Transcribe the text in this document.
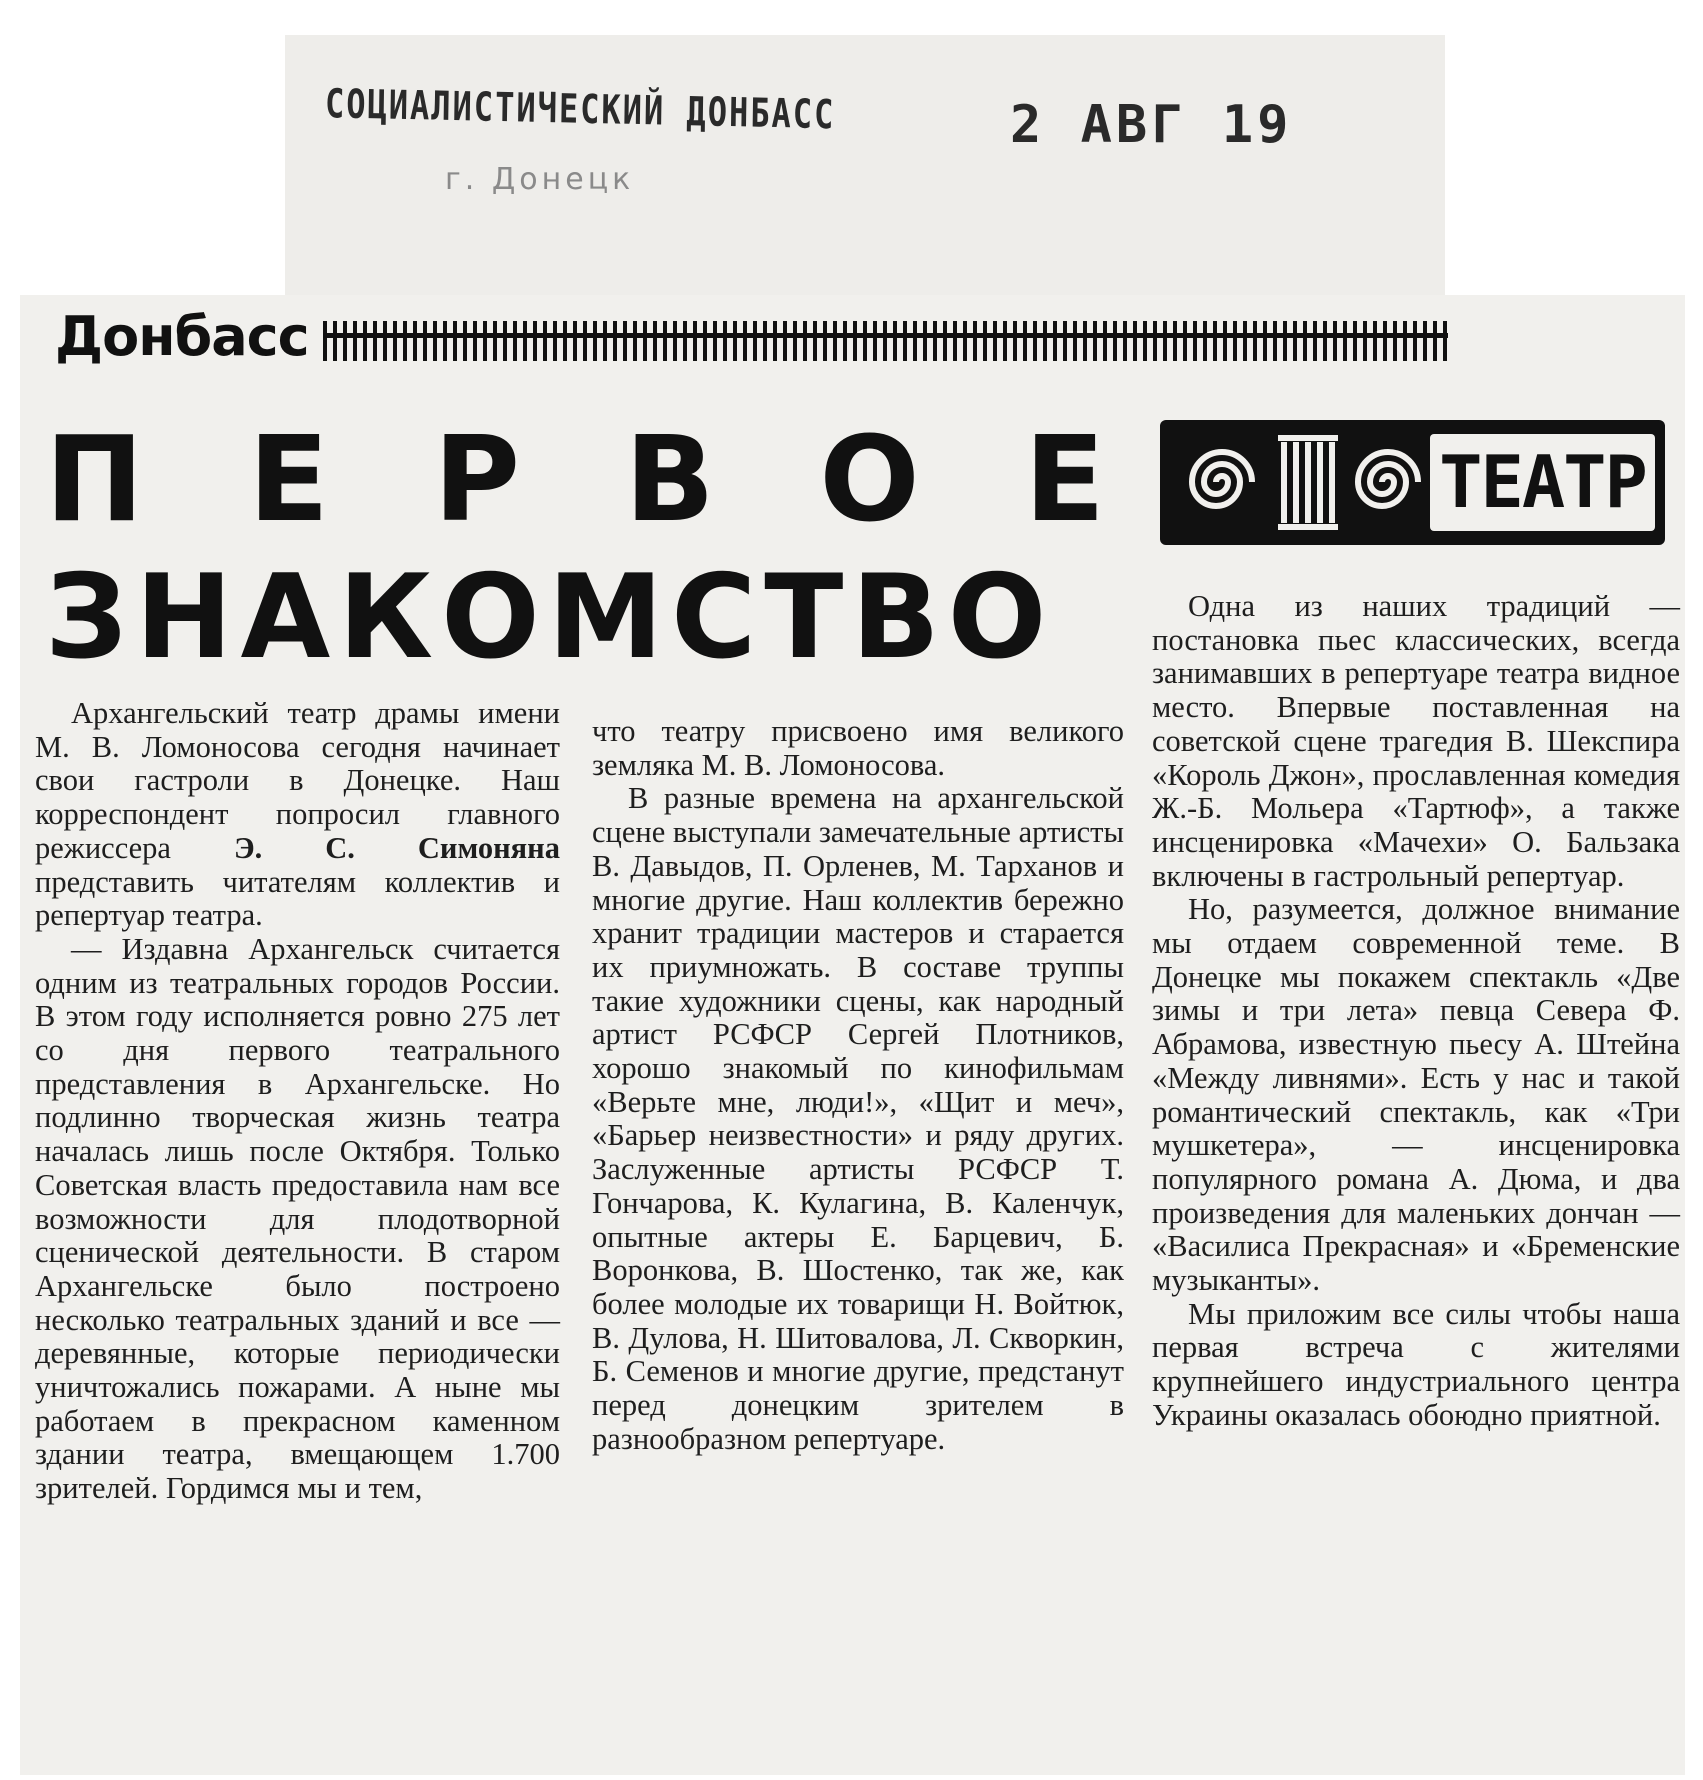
СОЦИАЛИСТИЧЕСКИЙ ДОНБАСС
г. Донецк
2 АВГ 19
Донбасс
П Е Р В О Е
ЗНАКОМСТВО
ТЕАТР

Архангельский театр драмы имени М. В. Ломоносова сегодня начинает свои гастроли в Донецке. Наш корреспондент попросил главного режиссера Э. С. Симоняна представить читателям коллектив и репертуар театра.

— Издавна Архангельск считается одним из театральных городов России. В этом году исполняется ровно 275 лет со дня первого театрального представления в Архангельске. Но подлинно творческая жизнь театра началась лишь после Октября. Только Советская власть предоставила нам все возможности для плодотворной сценической деятельности. В старом Архангельске было построено несколько театральных зданий и все — деревянные, которые периодически уничтожались пожарами. А ныне мы работаем в прекрасном каменном здании театра, вмещающем 1.700 зрителей. Гордимся мы и тем,

что театру присвоено имя великого земляка М. В. Ломоносова.

В разные времена на архангельской сцене выступали замечательные артисты В. Давыдов, П. Орленев, М. Тарханов и многие другие. Наш коллектив бережно хранит традиции мастеров и старается их приумножать. В составе труппы такие художники сцены, как народный артист РСФСР Сергей Плотников, хорошо знакомый по кинофильмам «Верьте мне, люди!», «Щит и меч», «Барьер неизвестности» и ряду других. Заслуженные артисты РСФСР Т. Гончарова, К. Кулагина, В. Каленчук, опытные актеры Е. Барцевич, Б. Воронкова, В. Шостенко, так же, как более молодые их товарищи Н. Войтюк, В. Дулова, Н. Шитовалова, Л. Скворкин, Б. Семенов и многие другие, предстанут перед донецким зрителем в разнообразном репертуаре.

Одна из наших традиций — постановка пьес классических, всегда занимавших в репертуаре театра видное место. Впервые поставленная на советской сцене трагедия В. Шекспира «Король Джон», прославленная комедия Ж.-Б. Мольера «Тартюф», а также инсценировка «Мачехи» О. Бальзака включены в гастрольный репертуар.

Но, разумеется, должное внимание мы отдаем современной теме. В Донецке мы покажем спектакль «Две зимы и три лета» певца Севера Ф. Абрамова, известную пьесу А. Штейна «Между ливнями». Есть у нас и такой романтический спектакль, как «Три мушкетера», — инсценировка популярного романа А. Дюма, и два произведения для маленьких дончан — «Василиса Прекрасная» и «Бременские музыканты».

Мы приложим все силы чтобы наша первая встреча с жителями крупнейшего индустриального центра Украины оказалась обоюдно приятной.
